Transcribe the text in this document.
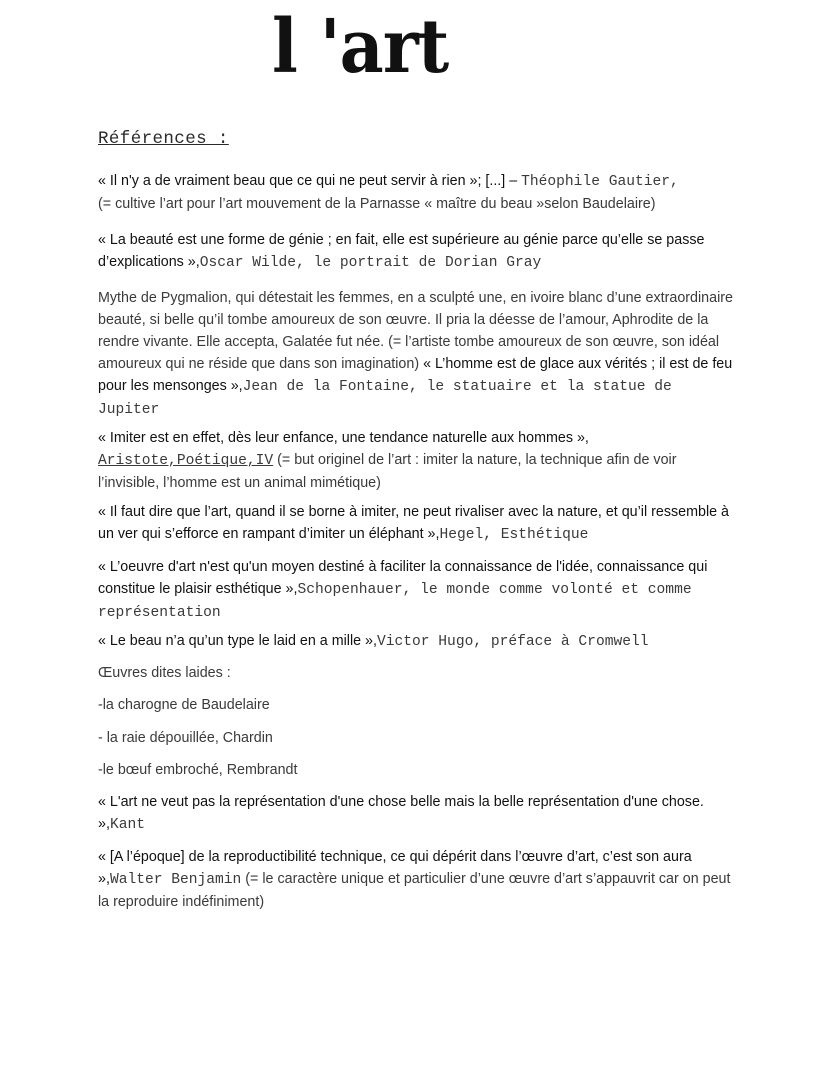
l 'art
Références :

« Il n'y a de vraiment beau que ce qui ne peut servir à rien »; [...] – Théophile Gautier,
(= cultive l’art pour l’art mouvement de la Parnasse « maître du beau »selon Baudelaire)

« La beauté est une forme de génie ; en fait, elle est supérieure au génie parce qu’elle se passe d’explications »,Oscar Wilde, le portrait de Dorian Gray

Mythe de Pygmalion, qui détestait les femmes, en a sculpté une, en ivoire blanc d’une extraordinaire beauté, si belle qu’il tombe amoureux de son œuvre. Il pria la déesse de l’amour, Aphrodite de la rendre vivante. Elle accepta, Galatée fut née. (= l’artiste tombe amoureux de son œuvre, son idéal amoureux qui ne réside que dans son imagination) « L’homme est de glace aux vérités ; il est de feu pour les mensonges »,Jean de la Fontaine, le statuaire et la statue de Jupiter

« Imiter est en effet, dès leur enfance, une tendance naturelle aux hommes »,
Aristote,Poétique,IV (= but originel de l’art : imiter la nature, la technique afin de voir l’invisible, l’homme est un animal mimétique)

« Il faut dire que l’art, quand il se borne à imiter, ne peut rivaliser avec la nature, et qu’il ressemble à un ver qui s’efforce en rampant d’imiter un éléphant »,Hegel, Esthétique

« L’oeuvre d'art n'est qu'un moyen destiné à faciliter la connaissance de l'idée, connaissance qui constitue le plaisir esthétique »,Schopenhauer, le monde comme volonté et comme représentation

« Le beau n’a qu’un type le laid en a mille »,Victor Hugo, préface à Cromwell

Œuvres dites laides :

-la charogne de Baudelaire

- la raie dépouillée, Chardin

-le bœuf embroché, Rembrandt

« L'art ne veut pas la représentation d'une chose belle mais la belle représentation d'une chose. »,Kant

« [A l’époque] de la reproductibilité technique, ce qui dépérit dans l’œuvre d’art, c’est son aura »,Walter Benjamin (= le caractère unique et particulier d’une œuvre d’art s’appauvrit car on peut la reproduire indéfiniment)
